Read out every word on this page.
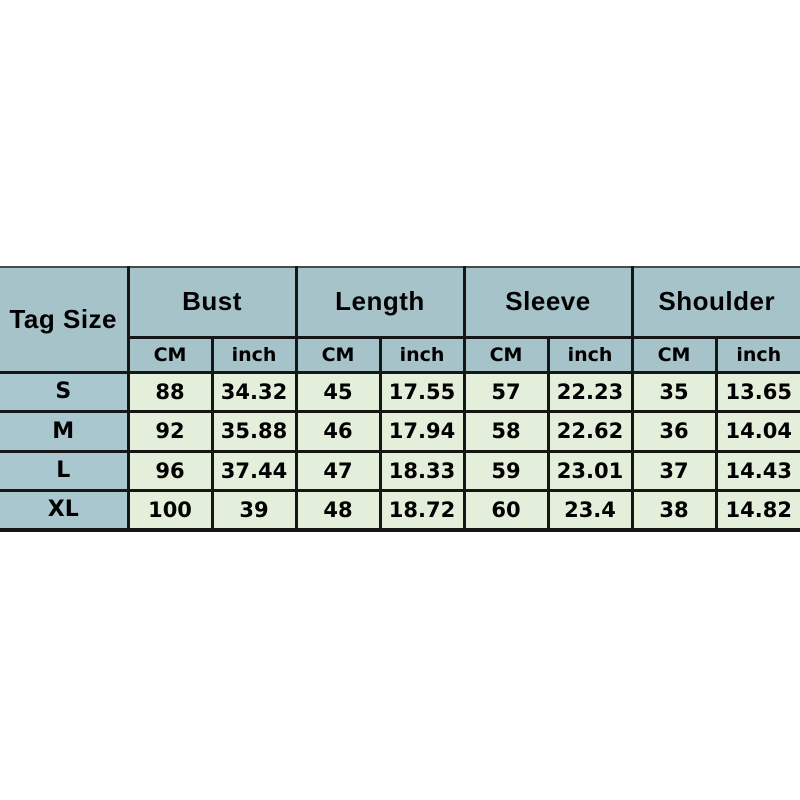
Tag Size	Bust		Length		Sleeve		Shoulder	
	CM	inch	CM	inch	CM	inch	CM	inch
S	88	34.32	45	17.55	57	22.23	35	13.65
M	92	35.88	46	17.94	58	22.62	36	14.04
L	96	37.44	47	18.33	59	23.01	37	14.43
XL	100	39	48	18.72	60	23.4	38	14.82
